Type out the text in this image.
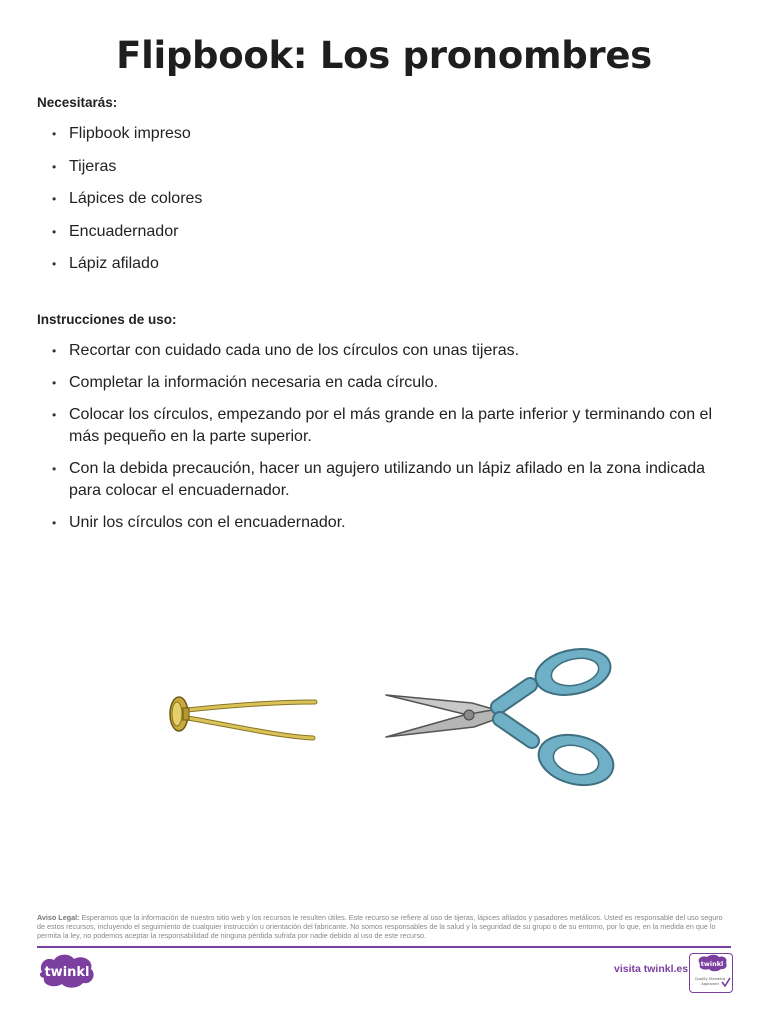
Flipbook: Los pronombres
Necesitarás:
• Flipbook impreso
• Tijeras
• Lápices de colores
• Encuadernador
• Lápiz afilado
Instrucciones de uso:
• Recortar con cuidado cada uno de los círculos con unas tijeras.
• Completar la información necesaria en cada círculo.
• Colocar los círculos, empezando por el más grande en la parte inferior y terminando con el más pequeño en la parte superior.
• Con la debida precaución, hacer un agujero utilizando un lápiz afilado en la zona indicada para colocar el encuadernador.
• Unir los círculos con el encuadernador.
Aviso Legal: Esperamos que la información de nuestro sitio web y los recursos le resulten útiles. Este recurso se refiere al uso de tijeras, lápices afilados y pasadores metálicos. Usted es responsable del uso seguro de estos recursos, incluyendo el seguimiento de cualquier instrucción u orientación del fabricante. No somos responsables de la salud y la seguridad de su grupo o de su entorno, por lo que, en la medida en que lo permita la ley, no podemos aceptar la responsabilidad de ninguna pérdida sufrida por nadie debido al uso de este recurso.
twinkl	visita twinkl.es twinkl
Quality Standard
Approved
